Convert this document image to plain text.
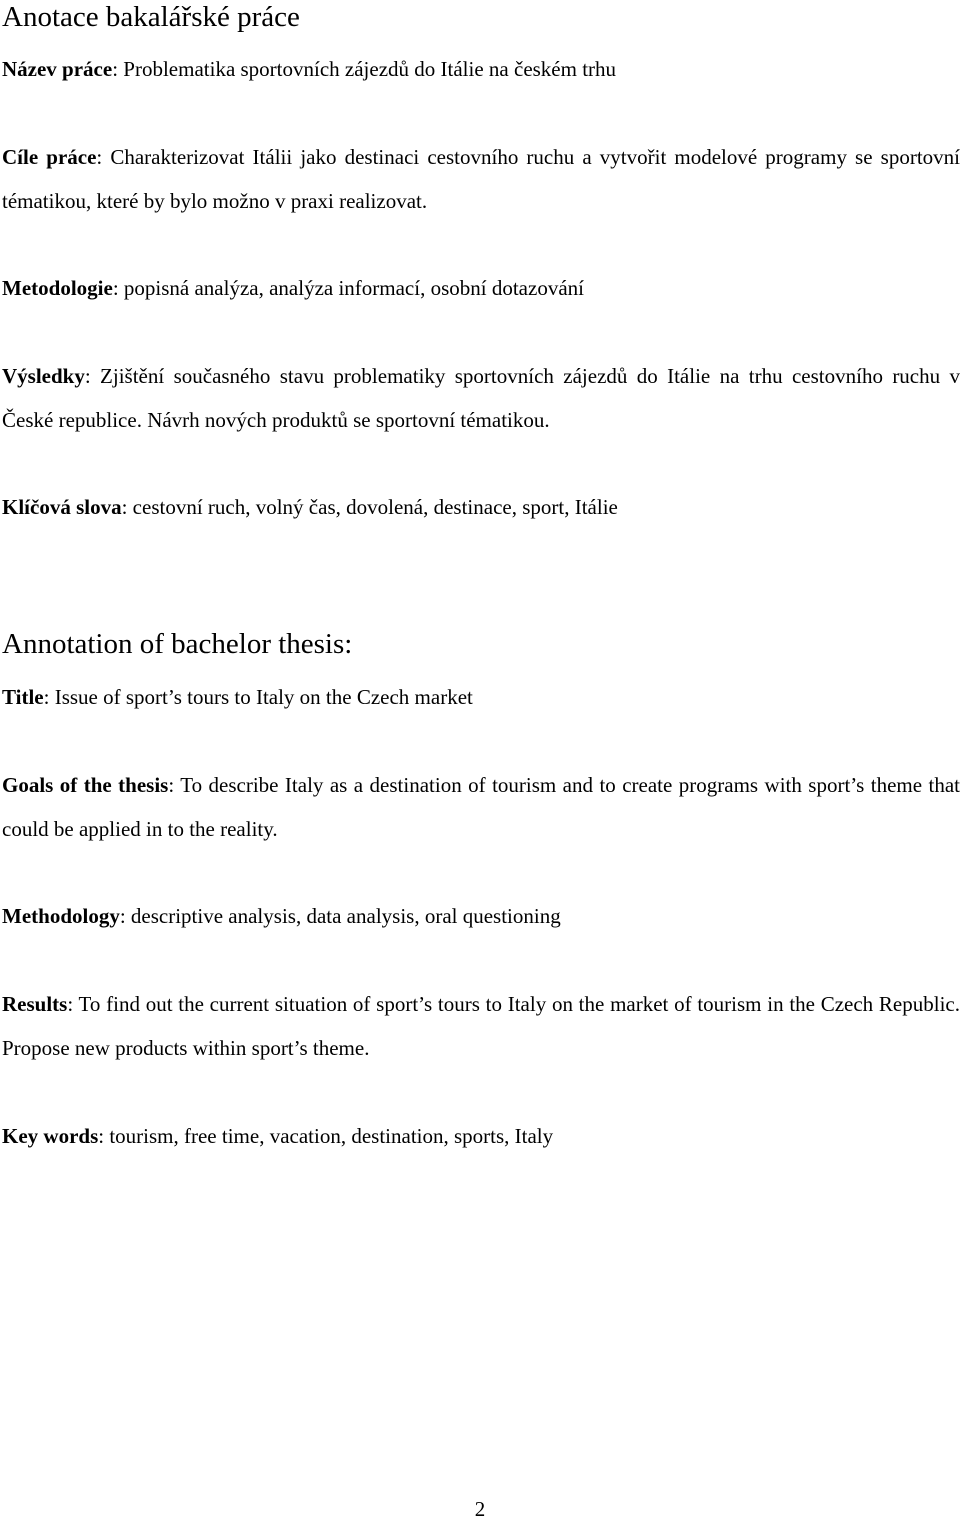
Anotace bakalářské práce

Název práce: Problematika sportovních zájezdů do Itálie na českém trhu

Cíle práce: Charakterizovat Itálii jako destinaci cestovního ruchu a vytvořit modelové programy se sportovní tématikou, které by bylo možno v praxi realizovat.

Metodologie: popisná analýza, analýza informací, osobní dotazování

Výsledky: Zjištění současného stavu problematiky sportovních zájezdů do Itálie na trhu cestovního ruchu v České republice. Návrh nových produktů se sportovní tématikou.

Klíčová slova: cestovní ruch, volný čas, dovolená, destinace, sport, Itálie

Annotation of bachelor thesis:

Title: Issue of sport’s tours to Italy on the Czech market

Goals of the thesis: To describe Italy as a destination of tourism and to create programs with sport’s theme that could be applied in to the reality.

Methodology: descriptive analysis, data analysis, oral questioning

Results: To find out the current situation of sport’s tours to Italy on the market of tourism in the Czech Republic. Propose new products within sport’s theme.

Key words: tourism, free time, vacation, destination, sports, Italy

2
